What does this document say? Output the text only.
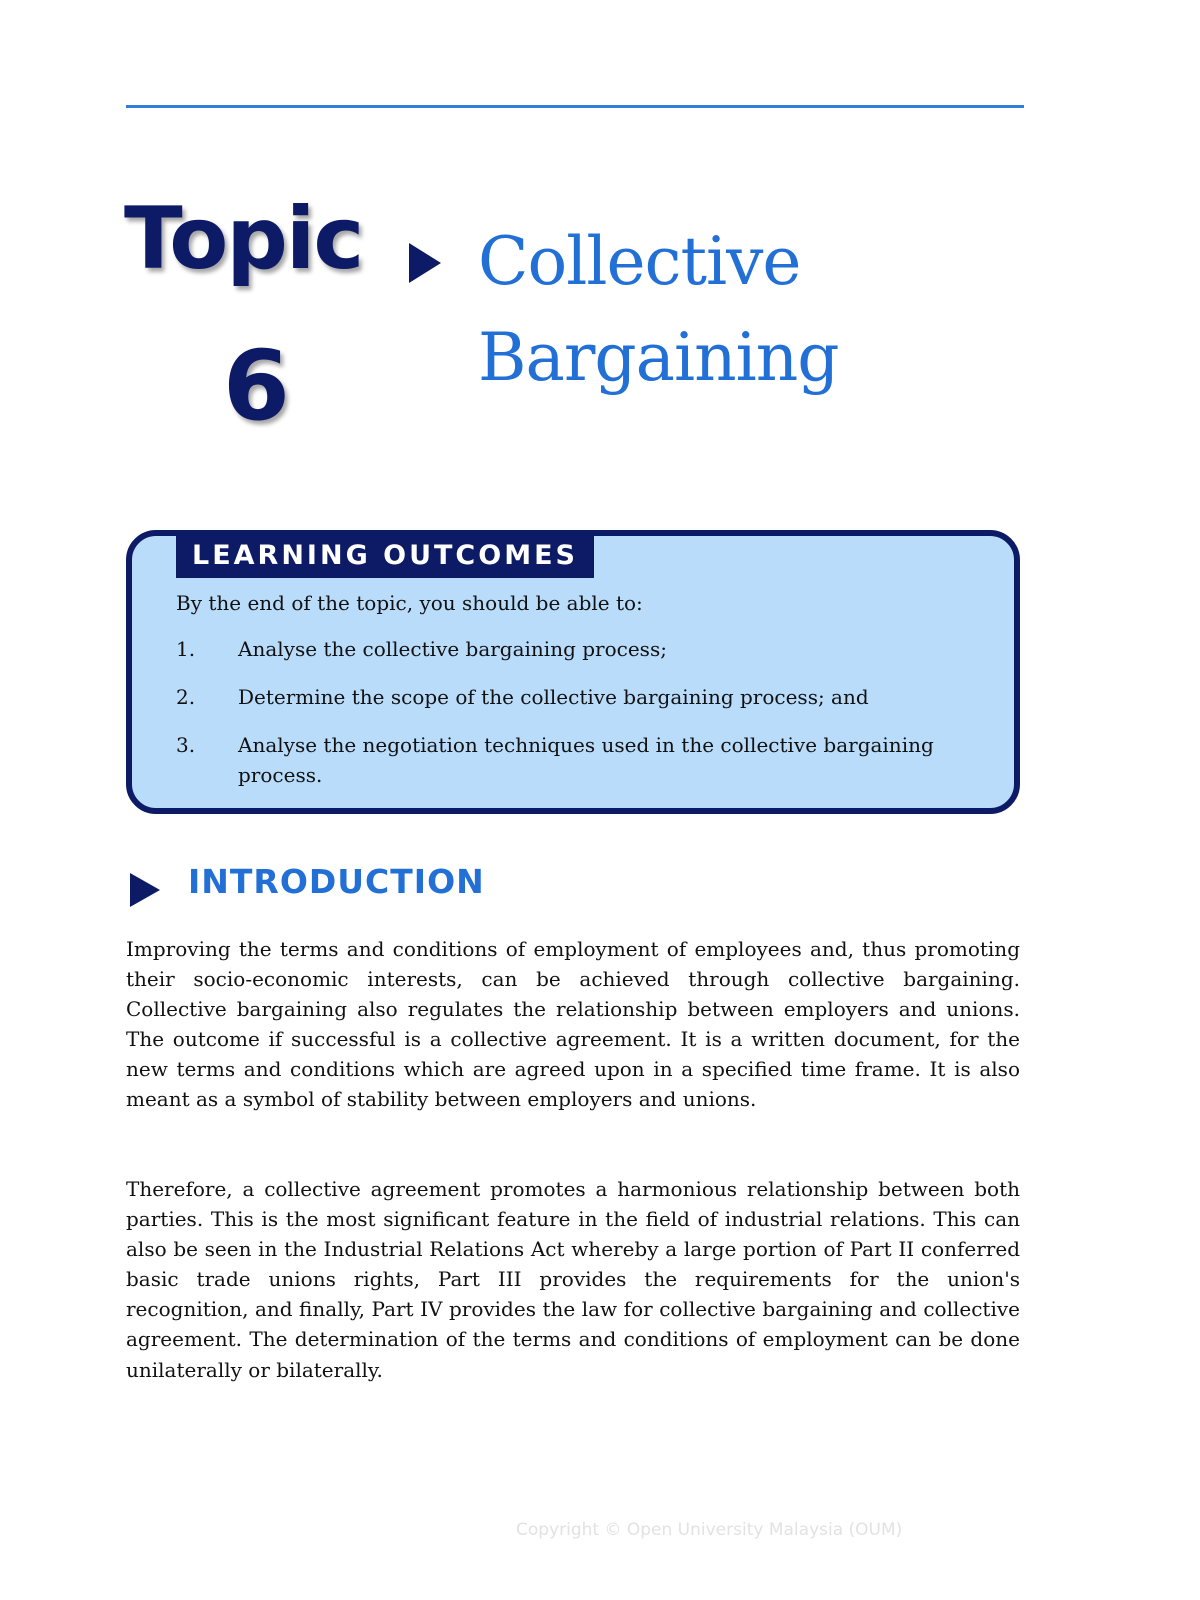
Topic
6
Collective Bargaining
LEARNING OUTCOMES
By the end of the topic, you should be able to:
1. Analyse the collective bargaining process;
2. Determine the scope of the collective bargaining process; and
3. Analyse the negotiation techniques used in the collective bargaining process.
INTRODUCTION

Improving the terms and conditions of employment of employees and, thus promoting their socio-economic interests, can be achieved through collective bargaining. Collective bargaining also regulates the relationship between employers and unions. The outcome if successful is a collective agreement. It is a written document, for the new terms and conditions which are agreed upon in a specified time frame. It is also meant as a symbol of stability between employers and unions.

Therefore, a collective agreement promotes a harmonious relationship between both parties. This is the most significant feature in the field of industrial relations. This can also be seen in the Industrial Relations Act whereby a large portion of Part II conferred basic trade unions rights, Part III provides the requirements for the union's recognition, and finally, Part IV provides the law for collective bargaining and collective agreement. The determination of the terms and conditions of employment can be done unilaterally or bilaterally.

Copyright © Open University Malaysia (OUM)
